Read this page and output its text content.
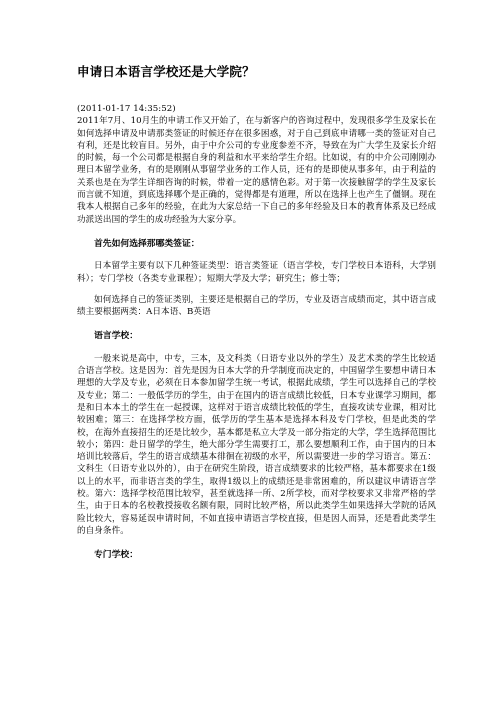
申请日本语言学校还是大学院？

(2011-01-17 14:35:52)

2011年7月、10月生的申请工作又开始了，在与新客户的咨询过程中，发现很多学生及家长在如何选择申请及申请那类签证的时候还存在很多困惑，对于自己到底申请哪一类的签证对自己有利，还是比较盲目。另外，由于中介公司的专业度参差不齐，导致在为广大学生及家长介绍的时候，每一个公司都是根据自身的利益和水平来给学生介绍。比如说，有的中介公司刚刚办理日本留学业务，有的是刚刚从事留学业务的工作人员，还有的是即使从事多年，由于利益的关系也是在为学生详细咨询的时候，带着一定的感情色彩。对于第一次接触留学的学生及家长而言就不知道，到底选择哪个是正确的，觉得都是有道理，所以在选择上也产生了僵钢。现在我本人根据自己多年的经验，在此为大家总结一下自己的多年经验及日本的教育体系及已经成功派送出国的学生的成功经验为大家分享。

首先如何选择那哪类签证：

日本留学主要有以下几种签证类型：语言类签证（语言学校，专门学校日本语科，大学别科）；专门学校（各类专业课程）；短期大学及大学；研究生；修士等；

如何选择自己的签证类别，主要还是根据自己的学历，专业及语言成绩而定，其中语言成绩主要根据两类：A日本语、B英语

语言学校：

一般来说是高中，中专，三本，及文科类（日语专业以外的学生）及艺术类的学生比较适合语言学校。这是因为：首先是因为日本大学的升学制度而决定的，中国留学生要想申请日本理想的大学及专业，必须在日本参加留学生统一考试，根据此成绩，学生可以选择自己的学校及专业；第二：一般低学历的学生，由于在国内的语言成绩比较低，日本专业课学习期间，都是和日本本土的学生在一起授课，这样对于语言成绩比较低的学生，直接攻读专业课，相对比较困难；第三：在选择学校方面，低学历的学生基本是选择本科及专门学校，但是此类的学校，在海外直接招生的还是比较少，基本都是私立大学及一部分指定的大学，学生选择范围比较小；第四：赴日留学的学生，绝大部分学生需要打工，那么要想顺利工作，由于国内的日本培训比较落后，学生的语言成绩基本徘徊在初级的水平，所以需要进一步的学习语言。第五：文科生（日语专业以外的），由于在研究生阶段，语言成绩要求的比较严格，基本都要求在1级以上的水平，而非语言类的学生，取得1级以上的成绩还是非常困难的，所以建议申请语言学校。第六：选择学校范围比较窄，甚至就选择一所、2所学校，而对学校要求又非常严格的学生，由于日本的名校教授接收名额有限，同时比较严格，所以此类学生如果选择大学院的话风险比较大，容易延误申请时间，不如直接申请语言学校直接，但是因人而异，还是看此类学生的自身条件。

专门学校：
